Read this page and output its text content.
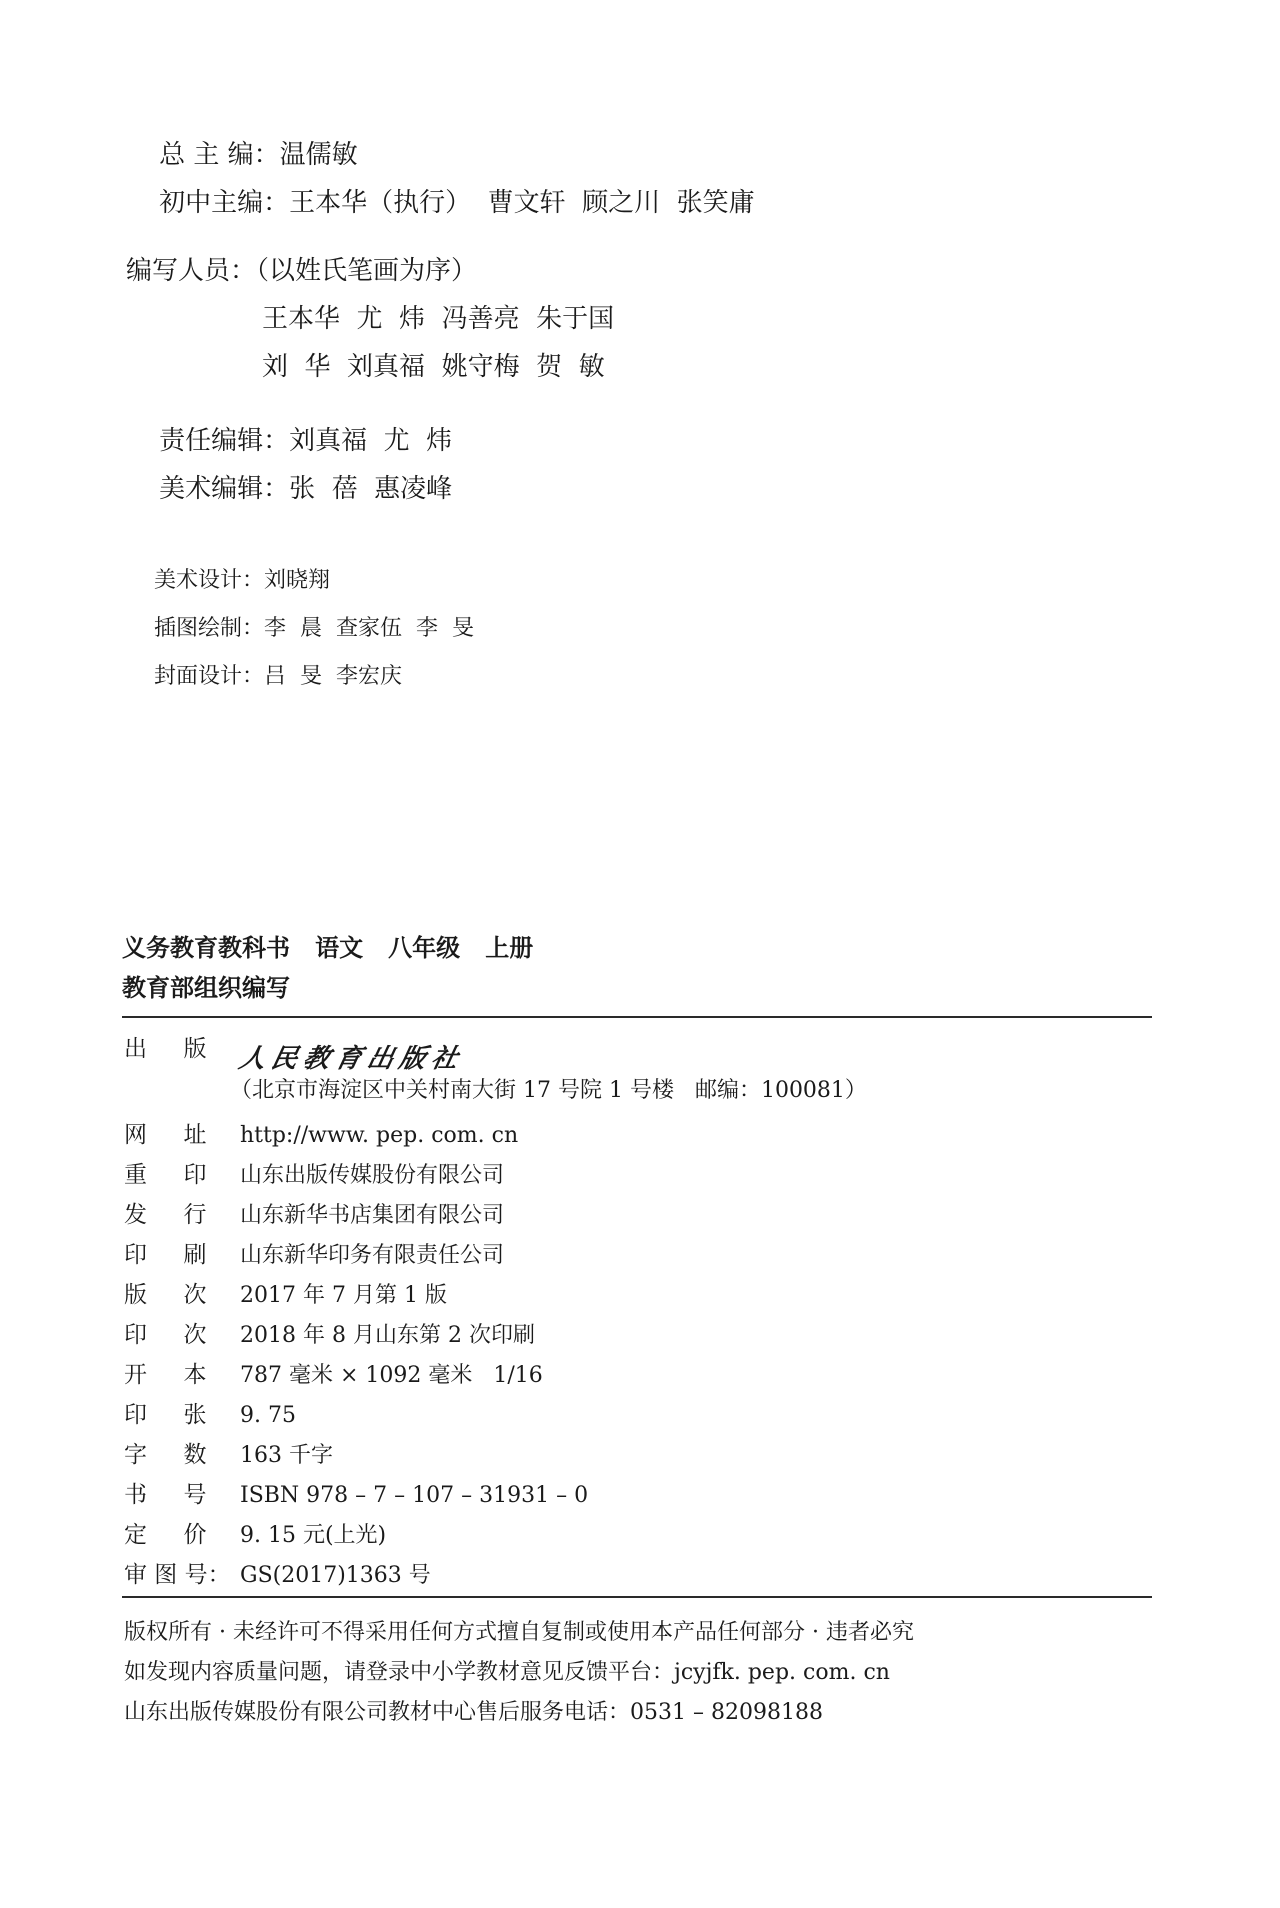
总 主 编：温儒敏

初中主编：王本华（执行）  曹文轩  顾之川  张笑庸

编写人员：（以姓氏笔画为序）
王本华  尤  炜  冯善亮  朱于国
刘  华  刘真福  姚守梅  贺  敏

责任编辑：刘真福  尤  炜

美术编辑：张  蓓  惠凌峰

美术设计：刘晓翔

插图绘制：李  晨  查家伍  李  旻

封面设计：吕  旻  李宏庆

义务教育教科书   语文   八年级   上册
教育部组织编写
出     版 人民教育出版社
（北京市海淀区中关村南大街 17 号院 1 号楼   邮编：100081）
网     址 http://www. pep. com. cn
重     印 山东出版传媒股份有限公司
发     行 山东新华书店集团有限公司
印     刷 山东新华印务有限责任公司
版     次 2017 年 7 月第 1 版
印     次 2018 年 8 月山东第 2 次印刷
开     本 787 毫米 × 1092 毫米   1/16
印     张 9. 75
字     数 163 千字
书     号 ISBN 978 – 7 – 107 – 31931 – 0
定     价 9. 15 元(上光)
审 图 号： GS(2017)1363 号
版权所有 · 未经许可不得采用任何方式擅自复制或使用本产品任何部分 · 违者必究
如发现内容质量问题，请登录中小学教材意见反馈平台：jcyjfk. pep. com. cn
山东出版传媒股份有限公司教材中心售后服务电话：0531 – 82098188
